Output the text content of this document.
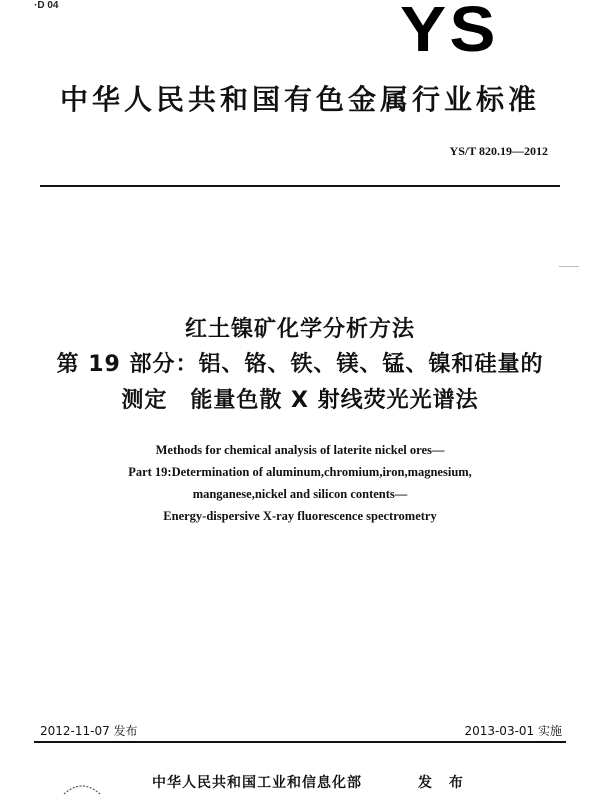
·D 04	YS
中华人民共和国有色金属行业标准
YS/T 820.19—2012
红土镍矿化学分析方法
第 19 部分：铝、铬、铁、镁、锰、镍和硅量的
测定　能量色散 X 射线荧光光谱法
Methods for chemical analysis of laterite nickel ores—
Part 19:Determination of aluminum,chromium,iron,magnesium,
manganese,nickel and silicon contents—
Energy-dispersive X-ray fluorescence spectrometry
2012-11-07 发布	2013-03-01 实施
中华人民共和国工业和信息化部	发 布
